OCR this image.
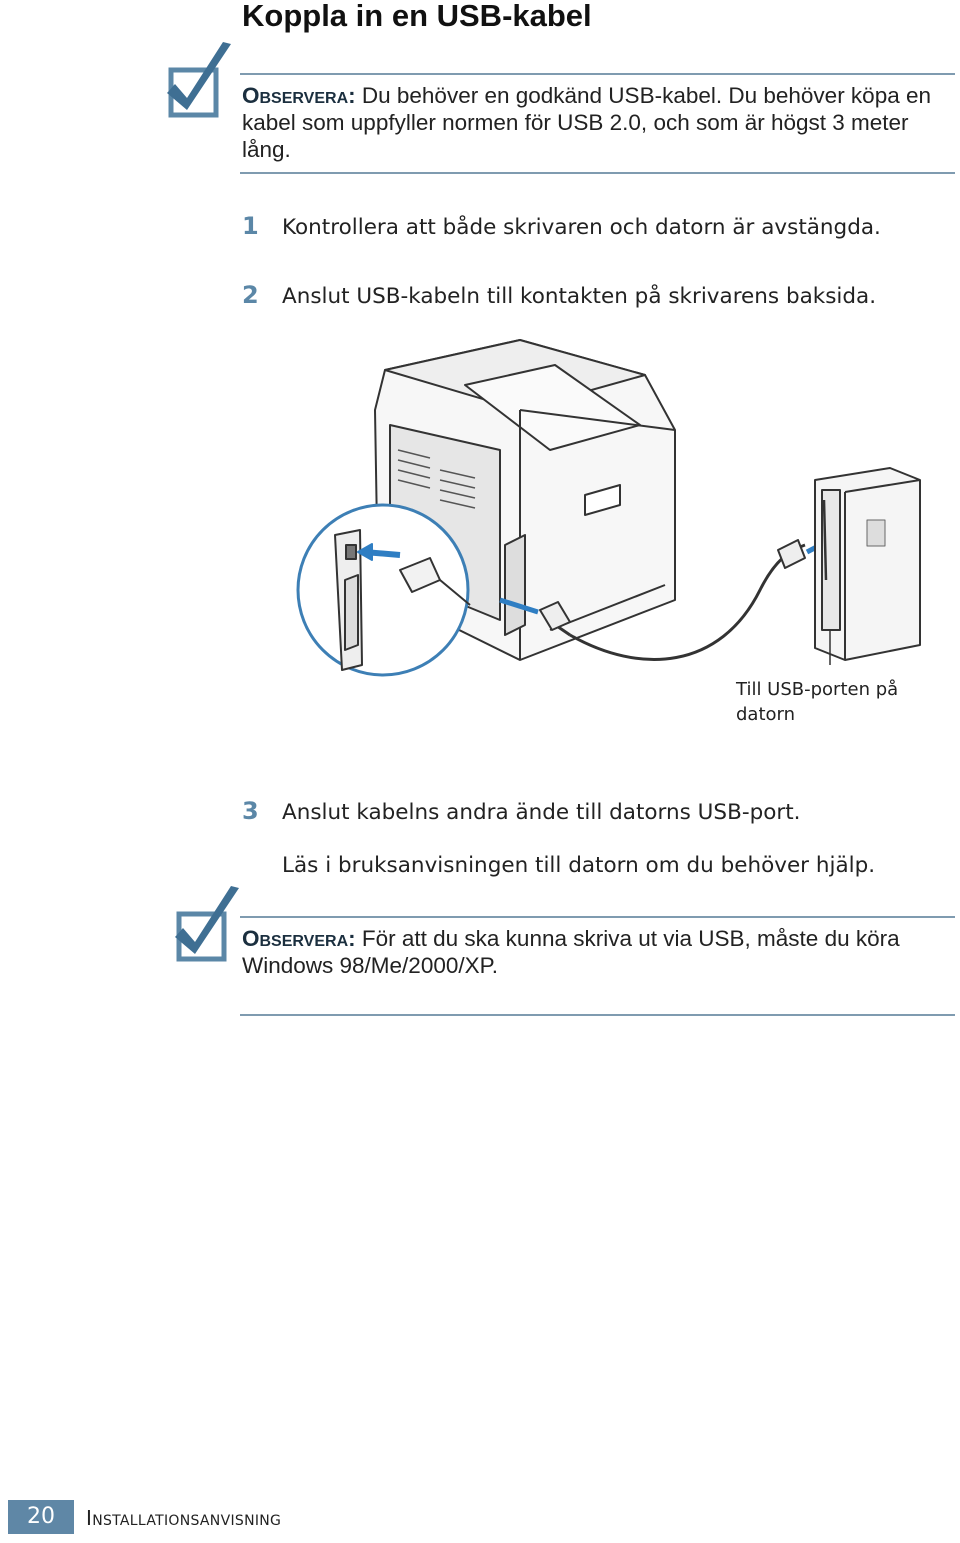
Koppla in en USB-kabel
Observera: Du behöver en godkänd USB-kabel. Du behöver köpa en kabel som uppfyller normen för USB 2.0, och som är högst 3 meter lång.
1 Kontrollera att både skrivaren och datorn är avstängda.
2 Anslut USB-kabeln till kontakten på skrivarens baksida.
Till USB-porten på
datorn
3 Anslut kabelns andra ände till datorns USB-port.
Läs i bruksanvisningen till datorn om du behöver hjälp.
Observera: För att du ska kunna skriva ut via USB, måste du köra Windows 98/Me/2000/XP.
20	Installationsanvisning
